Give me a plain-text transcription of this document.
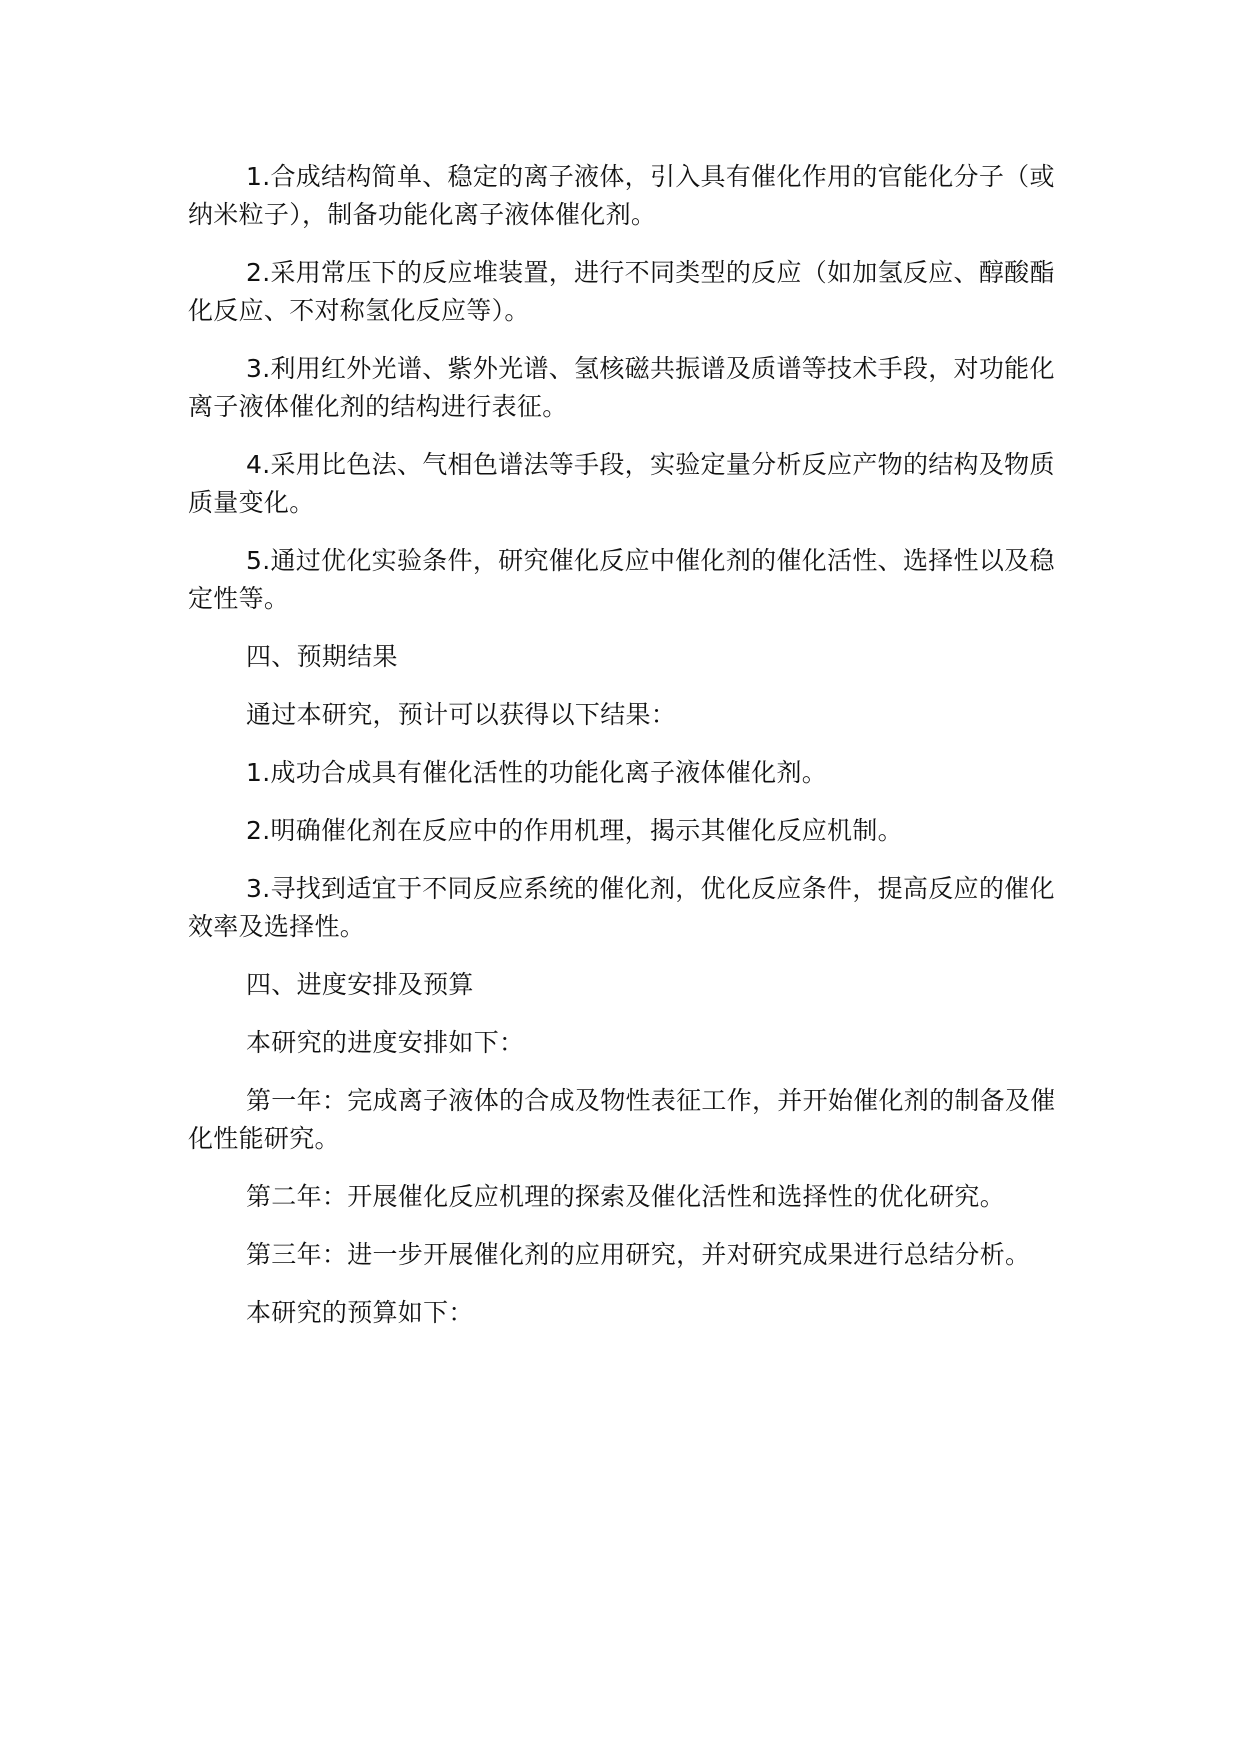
1.合成结构简单、稳定的离子液体，引入具有催化作用的官能化分子（或纳米粒子），制备功能化离子液体催化剂。

2.采用常压下的反应堆装置，进行不同类型的反应（如加氢反应、醇酸酯化反应、不对称氢化反应等）。

3.利用红外光谱、紫外光谱、氢核磁共振谱及质谱等技术手段，对功能化离子液体催化剂的结构进行表征。

4.采用比色法、气相色谱法等手段，实验定量分析反应产物的结构及物质质量变化。

5.通过优化实验条件，研究催化反应中催化剂的催化活性、选择性以及稳定性等。

四、预期结果

通过本研究，预计可以获得以下结果：

1.成功合成具有催化活性的功能化离子液体催化剂。

2.明确催化剂在反应中的作用机理，揭示其催化反应机制。

3.寻找到适宜于不同反应系统的催化剂，优化反应条件，提高反应的催化效率及选择性。

四、进度安排及预算

本研究的进度安排如下：

第一年：完成离子液体的合成及物性表征工作，并开始催化剂的制备及催化性能研究。

第二年：开展催化反应机理的探索及催化活性和选择性的优化研究。

第三年：进一步开展催化剂的应用研究，并对研究成果进行总结分析。

本研究的预算如下：
